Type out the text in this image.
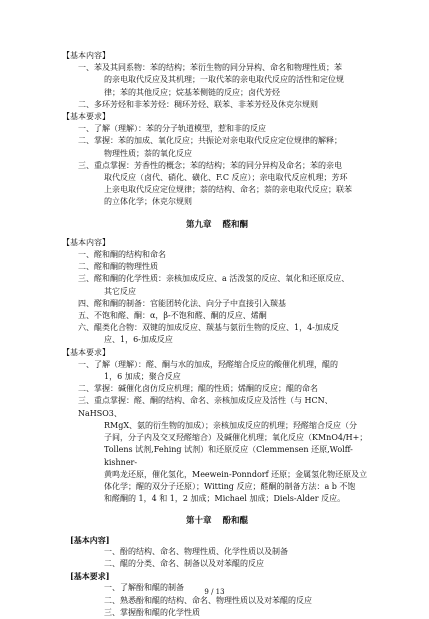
【基本内容】
一、苯及其同系物：苯的结构；苯衍生物的同分异构、命名和物理性质；苯
的亲电取代反应及其机理；一取代苯的亲电取代反应的活性和定位规
律；苯的其他反应；烷基苯侧链的反应；卤代芳烃
二、多环芳烃和非苯芳烃：稠环芳烃、联苯、非苯芳烃及休克尔规则
【基本要求】
一、了解（理解）：苯的分子轨道模型，惹和非的反应
二、掌握：苯的加成、氧化反应；共振论对亲电取代反应定位规律的解释；
物理性质；萘的氧化反应
三、重点掌握：芳香性的概念；苯的结构；苯的同分异构及命名；苯的亲电
取代反应（卤代、硝化、磺化、F.C 反应）；亲电取代反应机理；芳环
上亲电取代反应定位规律；萘的结构、命名；萘的亲电取代反应；联苯
的立体化学；休克尔规则
第九章 醛和酮
【基本内容】
一、醛和酮的结构和命名
二、醛和酮的物理性质
三、醛和酮的化学性质：亲核加成反应、a 活泼氢的反应、氧化和还原反应、
其它反应
四、醛和酮的制备：官能团转化法、向分子中直接引入羰基
五、不饱和醛、酮：α，β-不饱和醛、酮的反应、烯酮
六、醌类化合物：双键的加成反应、羰基与氨衍生物的反应、1，4-加成反
应、1，6-加成反应
【基本要求】
一、了解（理解）：醛、酮与水的加成，羟醛缩合反应的酸催化机理，醌的
1，6 加成；聚合反应
二、掌握：碱催化卤仿反应机理；醌的性质；烯酮的反应；醌的命名
三、重点掌握：醛、酮的结构、命名、亲核加成反应及活性（与 HCN、NaHSO3、
RMgX、氨的衍生物的加成）；亲核加成反应的机理；羟醛缩合反应（分
子间，分子内及交叉羟醛缩合）及碱催化机理；氧化反应（KMnO4/H+；
Tollens 试剂,Fehing 试剂）和还原反应（Clemmensen 还原,Wolff-kishner-
黄鸣龙还原，催化氢化，Meewein-Ponndorf 还原；金属氢化物还原及立
体化学；醒的双分子还原）；Witting 反应；醛酮的制备方法：a b 不饱
和醛酮的 1，4 和 1，2 加成；Michael 加成；Diels-Alder 反应。
第十章 酚和醌
[基本内容]
一、酚的结构、命名、物理性质、化学性质以及制备
二、醌的分类、命名、制备以及对苯醌的反应
[基本要求]
一、了解酚和醌的制备
二、熟悉酚和醌的结构、命名、物理性质以及对苯醌的反应
三、掌握酚和醌的化学性质
9 / 13
